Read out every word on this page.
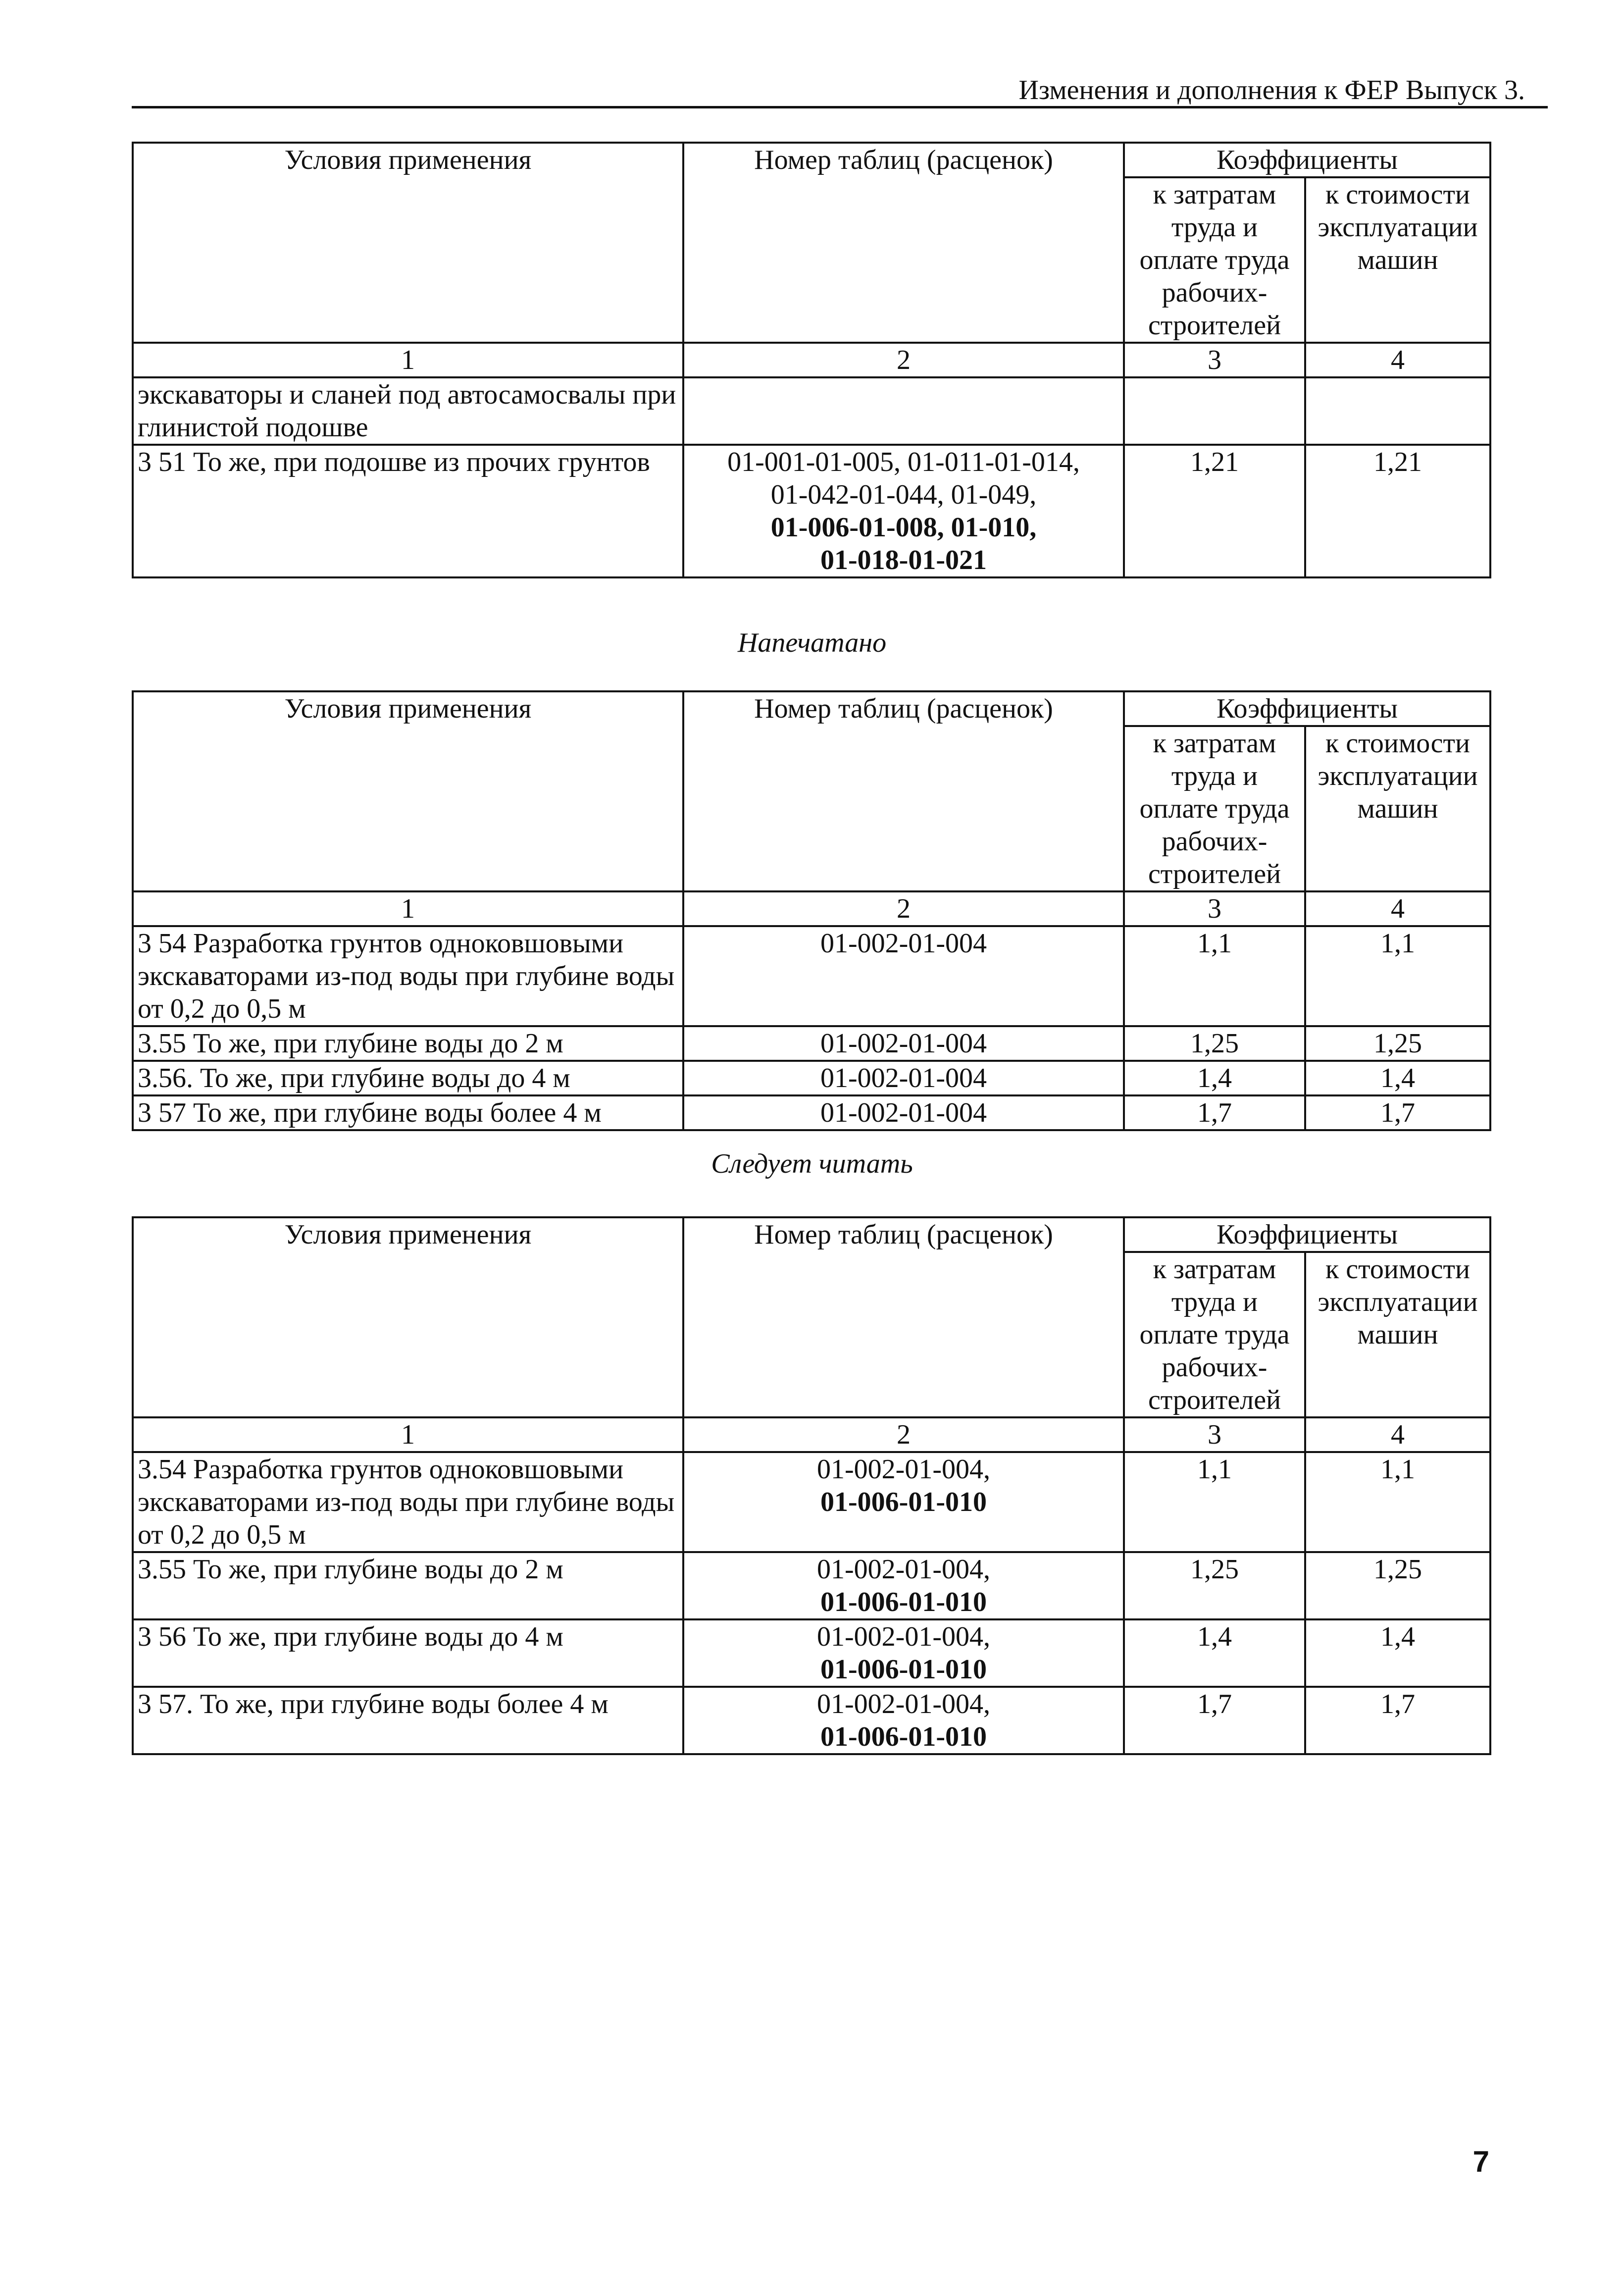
Изменения и дополнения к ФЕР Выпуск 3.
Условия применения	Номер таблиц (расценок)	Коэффициенты	
		к затратам труда и оплате труда рабочих-строителей	к стоимости эксплуатации машин
1	2	3	4
экскаваторы и сланей под автосамосвалы при глинистой подошве			
3 51 То же, при подошве из прочих грунтов	01-001-01-005, 01-011-01-014,
01-042-01-044, 01-049,
01-006-01-008, 01-010,
01-018-01-021	1,21	1,21
Напечатано
Условия применения	Номер таблиц (расценок)	Коэффициенты	
		к затратам труда и оплате труда рабочих-строителей	к стоимости эксплуатации машин
1	2	3	4
3 54 Разработка грунтов одноковшовыми экскаваторами из-под воды при глубине воды от 0,2 до 0,5 м	01-002-01-004	1,1	1,1
3.55 То же, при глубине воды до 2 м	01-002-01-004	1,25	1,25
3.56. То же, при глубине воды до 4 м	01-002-01-004	1,4	1,4
3 57 То же, при глубине воды более 4 м	01-002-01-004	1,7	1,7
Следует читать
Условия применения	Номер таблиц (расценок)	Коэффициенты	
		к затратам труда и оплате труда рабочих-строителей	к стоимости эксплуатации машин
1	2	3	4
3.54 Разработка грунтов одноковшовыми экскаваторами из-под воды при глубине воды от 0,2 до 0,5 м	01-002-01-004,
01-006-01-010	1,1	1,1
3.55 То же, при глубине воды до 2 м	01-002-01-004,
01-006-01-010	1,25	1,25
3 56 То же, при глубине воды до 4 м	01-002-01-004,
01-006-01-010	1,4	1,4
3 57. То же, при глубине воды более 4 м	01-002-01-004,
01-006-01-010	1,7	1,7
7
